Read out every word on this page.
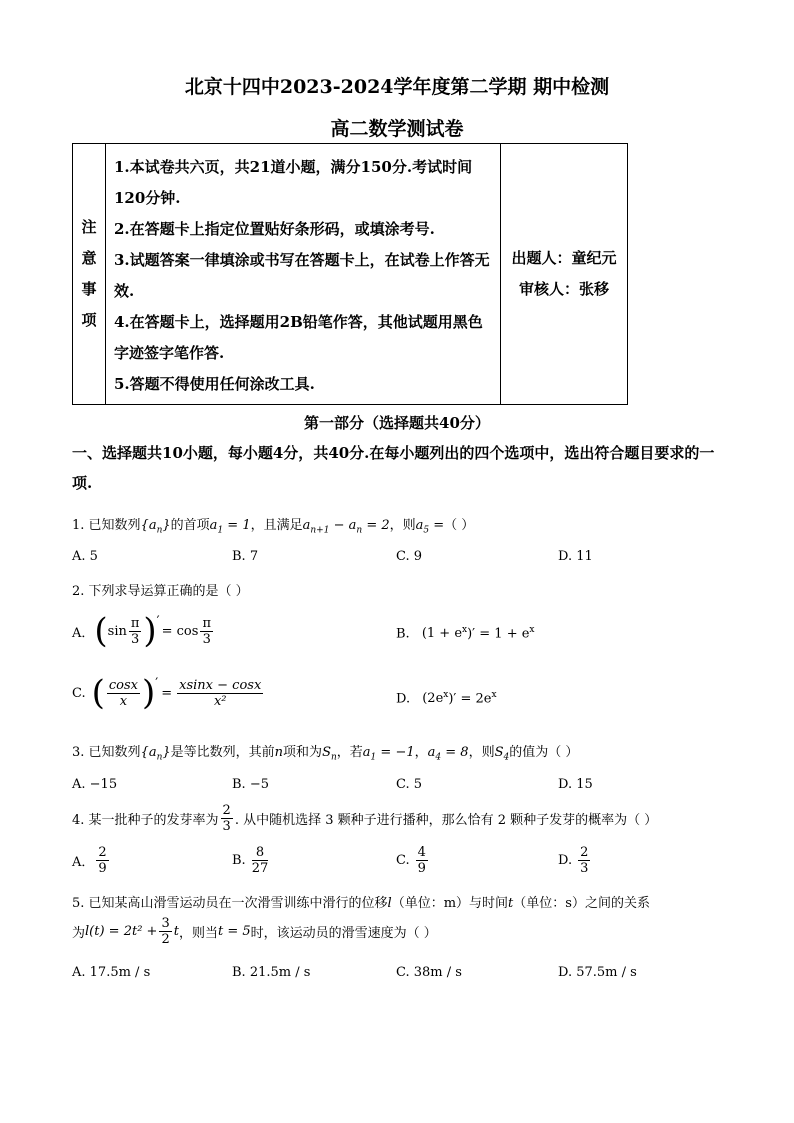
北京十四中2023-2024学年度第二学期 期中检测
高二数学测试卷
注
意
事
项

1.本试卷共六页，共21道小题，满分150分.考试时间120分钟.
2.在答题卡上指定位置贴好条形码，或填涂考号.
3.试题答案一律填涂或书写在答题卡上，在试卷上作答无效.
4.在答题卡上，选择题用2B铅笔作答，其他试题用黑色字迹签字笔作答.
5.答题不得使用任何涂改工具.

出题人：童纪元
审核人：张移
第一部分（选择题共40分）
一、选择题共10小题，每小题4分，共40分.在每小题列出的四个选项中，选出符合题目要求的一项.
1. 已知数列$\{a_n\}$的首项$a_1 = 1$，且满足$a_{n+1} - a_n = 2$，则$a_5$ =（ ）
A. 5	B. 7	C. 9	D. 11
2. 下列求导运算正确的是（ ）
A． ( $\sin \frac{\pi}{3}$ ) ′
= $\cos \frac{\pi}{3}$	B. $(1 + e^x)' = 1 + e^x$
C. ( $\frac{\cos x}{x}$ ) ′
= $\frac{xsinx - \cos x}{\text{x²}}$	D. $(2e^x)' = 2e^x$
3. 已知数列$\{a_n\}$是等比数列，其前n项和为$S_n$，若$a_1 = -1$，$a_4 = 8$，则$S_4$的值为（ ）
A. −15	B. −5	C. 5	D. 15
4. 某一批种子的发芽率为 $\frac{2}{3}$ . 从中随机选择 3 颗种子进行播种，那么恰有 2 颗种子发芽的概率为（ ）
A． $\frac{2}{9}$	B. $\frac{8}{27}$	C. $\frac{4}{9}$	D. $\frac{2}{3}$
5. 已知某高山滑雪运动员在一次滑雪训练中滑行的位移l（单位：m）与时间t（单位：s）之间的关系
为 $l(t) = 2t^2 + \frac{3}{2}$ t ，则当 t = 5 时，该运动员的滑雪速度为（ ）
A. 17.5m / s	B. 21.5m / s	C. 38m / s	D. 57.5m / s
